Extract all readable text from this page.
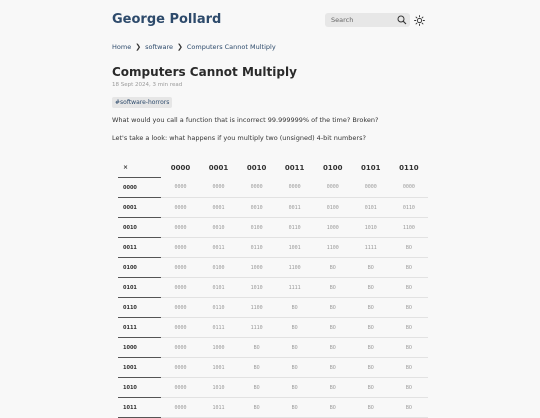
George Pollard
Search
Home ❯ software ❯ Computers Cannot Multiply
Computers Cannot Multiply
18 Sept 2024, 3 min read
#software-horrors

What would you call a function that is incorrect 99.999999% of the time? Broken?

Let's take a look: what happens if you multiply two (unsigned) 4-bit numbers?

×	0000	0001	0010	0011	0100	0101	0110
0000	0000	0000	0000	0000	0000	0000	0000
0001	0000	0001	0010	0011	0100	0101	0110
0010	0000	0010	0100	0110	1000	1010	1100
0011	0000	0011	0110	1001	1100	1111	BO
0100	0000	0100	1000	1100	BO	BO	BO
0101	0000	0101	1010	1111	BO	BO	BO
0110	0000	0110	1100	BO	BO	BO	BO
0111	0000	0111	1110	BO	BO	BO	BO
1000	0000	1000	BO	BO	BO	BO	BO
1001	0000	1001	BO	BO	BO	BO	BO
1010	0000	1010	BO	BO	BO	BO	BO
1011	0000	1011	BO	BO	BO	BO	BO
